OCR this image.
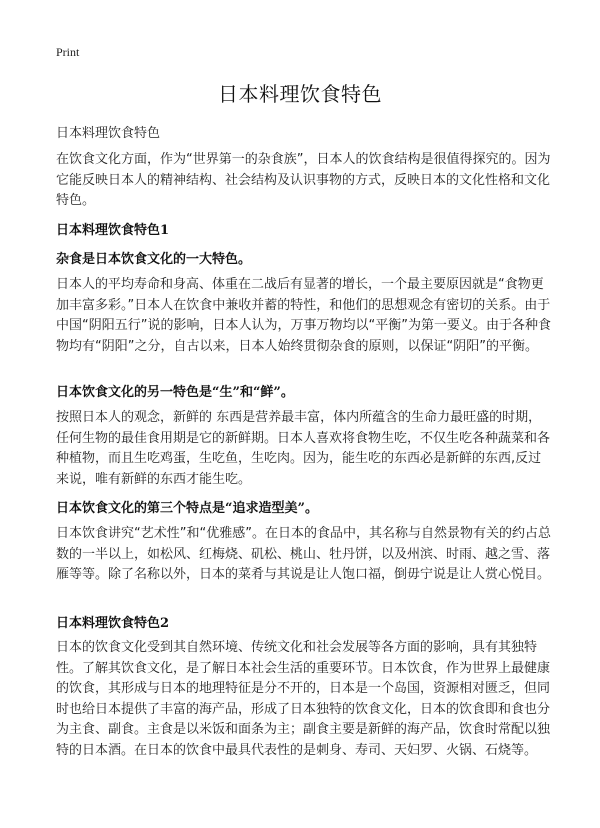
Print
日本料理饮食特色
日本料理饮食特色

在饮食文化方面，作为“世界第一的杂食族”，日本人的饮食结构是很值得探究的。因为它能反映日本人的精神结构、社会结构及认识事物的方式，反映日本的文化性格和文化特色。

日本料理饮食特色1
杂食是日本饮食文化的一大特色。

日本人的平均寿命和身高、体重在二战后有显著的增长，一个最主要原因就是“食物更加丰富多彩。”日本人在饮食中兼收并蓄的特性，和他们的思想观念有密切的关系。由于中国“阴阳五行”说的影响，日本人认为，万事万物均以“平衡”为第一要义。由于各种食物均有“阴阳”之分，自古以来，日本人始终贯彻杂食的原则，以保证“阴阳”的平衡。

日本饮食文化的另一特色是“生”和“鲜”。

按照日本人的观念，新鲜的 东西是营养最丰富，体内所蕴含的生命力最旺盛的时期，任何生物的最佳食用期是它的新鲜期。日本人喜欢将食物生吃，不仅生吃各种蔬菜和各种植物，而且生吃鸡蛋，生吃鱼，生吃肉。因为，能生吃的东西必是新鲜的东西,反过来说，唯有新鲜的东西才能生吃。

日本饮食文化的第三个特点是“追求造型美”。

日本饮食讲究“艺术性”和“优雅感”。在日本的食品中，其名称与自然景物有关的约占总数的一半以上，如松风、红梅烧、矶松、桃山、牡丹饼，以及州滨、时雨、越之雪、落雁等等。除了名称以外，日本的菜肴与其说是让人饱口福，倒毋宁说是让人赏心悦目。

日本料理饮食特色2

日本的饮食文化受到其自然环境、传统文化和社会发展等各方面的影响，具有其独特性。了解其饮食文化，是了解日本社会生活的重要环节。日本饮食，作为世界上最健康的饮食，其形成与日本的地理特征是分不开的，日本是一个岛国，资源相对匮乏，但同时也给日本提供了丰富的海产品，形成了日本独特的饮食文化，日本的饮食即和食也分为主食、副食。主食是以米饭和面条为主；副食主要是新鲜的海产品，饮食时常配以独特的日本酒。在日本的饮食中最具代表性的是刺身、寿司、天妇罗、火锅、石烧等。
